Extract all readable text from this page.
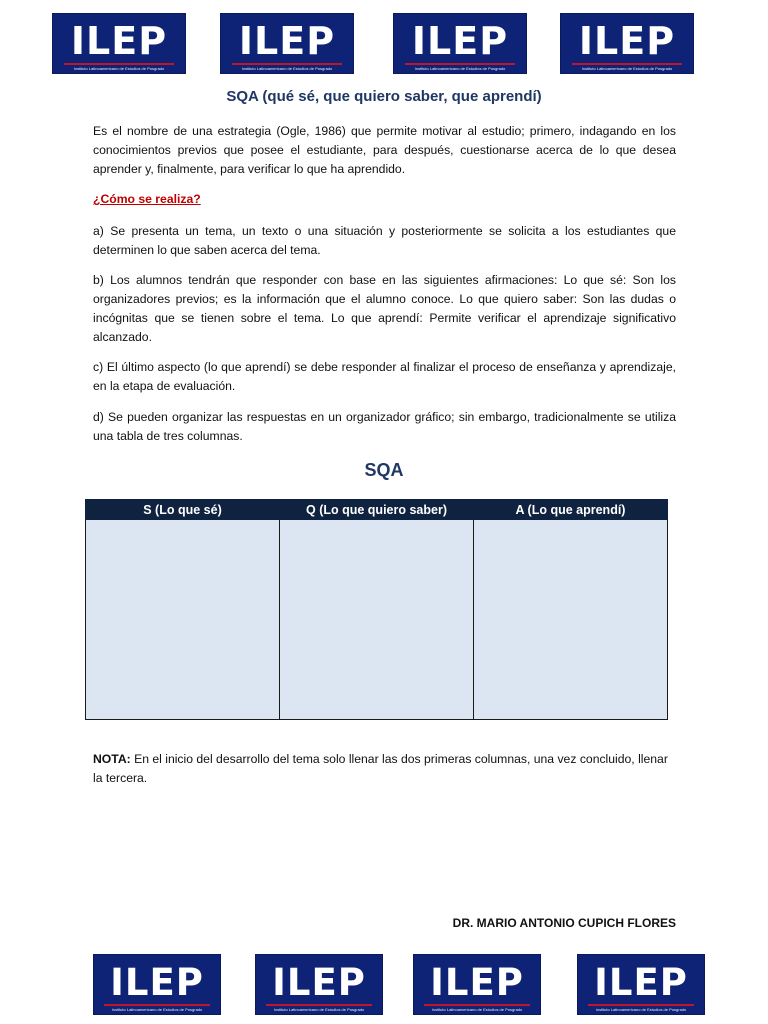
ILEP
Instituto Latinoamericano de Estudios de Posgrado
ILEP
Instituto Latinoamericano de Estudios de Posgrado
ILEP
Instituto Latinoamericano de Estudios de Posgrado
ILEP
Instituto Latinoamericano de Estudios de Posgrado
SQA (qué sé, que quiero saber, que aprendí)

Es el nombre de una estrategia (Ogle, 1986) que permite motivar al estudio; primero, indagando en los conocimientos previos que posee el estudiante, para después, cuestionarse acerca de lo que desea aprender y, finalmente, para verificar lo que ha aprendido.

¿Cómo se realiza?

a) Se presenta un tema, un texto o una situación y posteriormente se solicita a los estudiantes que determinen lo que saben acerca del tema.

b) Los alumnos tendrán que responder con base en las siguientes afirmaciones: Lo que sé: Son los organizadores previos; es la información que el alumno conoce. Lo que quiero saber: Son las dudas o incógnitas que se tienen sobre el tema. Lo que aprendí: Permite verificar el aprendizaje significativo alcanzado.

c) El último aspecto (lo que aprendí) se debe responder al finalizar el proceso de enseñanza y aprendizaje, en la etapa de evaluación.

d) Se pueden organizar las respuestas en un organizador gráfico; sin embargo, tradicionalmente se utiliza una tabla de tres columnas.

SQA
S (Lo que sé)	Q (Lo que quiero saber)	A (Lo que aprendí)

NOTA: En el inicio del desarrollo del tema solo llenar las dos primeras columnas, una vez concluido, llenar la tercera.

DR. MARIO ANTONIO CUPICH FLORES

ILEP
Instituto Latinoamericano de Estudios de Posgrado
ILEP
Instituto Latinoamericano de Estudios de Posgrado
ILEP
Instituto Latinoamericano de Estudios de Posgrado
ILEP
Instituto Latinoamericano de Estudios de Posgrado
